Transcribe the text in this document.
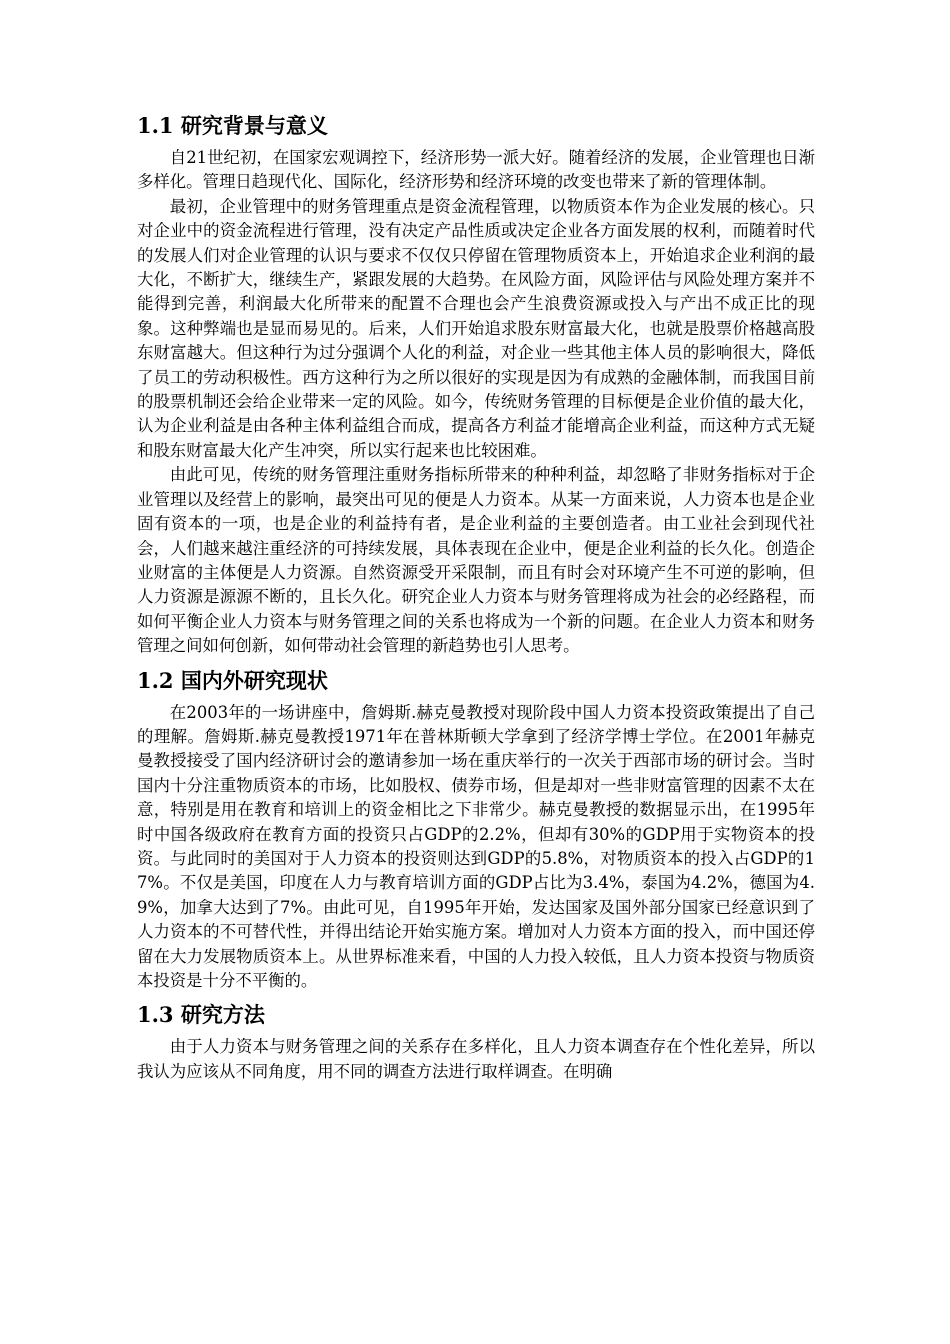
1.1 研究背景与意义

自21世纪初，在国家宏观调控下，经济形势一派大好。随着经济的发展，企业管理也日渐多样化。管理日趋现代化、国际化，经济形势和经济环境的改变也带来了新的管理体制。

最初，企业管理中的财务管理重点是资金流程管理，以物质资本作为企业发展的核心。只对企业中的资金流程进行管理，没有决定产品性质或决定企业各方面发展的权利，而随着时代的发展人们对企业管理的认识与要求不仅仅只停留在管理物质资本上，开始追求企业利润的最大化，不断扩大，继续生产，紧跟发展的大趋势。在风险方面，风险评估与风险处理方案并不能得到完善，利润最大化所带来的配置不合理也会产生浪费资源或投入与产出不成正比的现象。这种弊端也是显而易见的。后来，人们开始追求股东财富最大化，也就是股票价格越高股东财富越大。但这种行为过分强调个人化的利益，对企业一些其他主体人员的影响很大，降低了员工的劳动积极性。西方这种行为之所以很好的实现是因为有成熟的金融体制，而我国目前的股票机制还会给企业带来一定的风险。如今，传统财务管理的目标便是企业价值的最大化，认为企业利益是由各种主体利益组合而成，提高各方利益才能增高企业利益，而这种方式无疑和股东财富最大化产生冲突，所以实行起来也比较困难。

由此可见，传统的财务管理注重财务指标所带来的种种利益，却忽略了非财务指标对于企业管理以及经营上的影响，最突出可见的便是人力资本。从某一方面来说，人力资本也是企业固有资本的一项，也是企业的利益持有者，是企业利益的主要创造者。由工业社会到现代社会，人们越来越注重经济的可持续发展，具体表现在企业中，便是企业利益的长久化。创造企业财富的主体便是人力资源。自然资源受开采限制，而且有时会对环境产生不可逆的影响，但人力资源是源源不断的，且长久化。研究企业人力资本与财务管理将成为社会的必经路程，而如何平衡企业人力资本与财务管理之间的关系也将成为一个新的问题。在企业人力资本和财务管理之间如何创新，如何带动社会管理的新趋势也引人思考。

1.2 国内外研究现状

在2003年的一场讲座中，詹姆斯.赫克曼教授对现阶段中国人力资本投资政策提出了自己的理解。詹姆斯.赫克曼教授1971年在普林斯顿大学拿到了经济学博士学位。在2001年赫克曼教授接受了国内经济研讨会的邀请参加一场在重庆举行的一次关于西部市场的研讨会。当时国内十分注重物质资本的市场，比如股权、债券市场，但是却对一些非财富管理的因素不太在意，特别是用在教育和培训上的资金相比之下非常少。赫克曼教授的数据显示出，在1995年时中国各级政府在教育方面的投资只占GDP的2.2%，但却有30%的GDP用于实物资本的投资。与此同时的美国对于人力资本的投资则达到GDP的5.8%，对物质资本的投入占GDP的17%。不仅是美国，印度在人力与教育培训方面的GDP占比为3.4%，泰国为4.2%，德国为4.9%，加拿大达到了7%。由此可见，自1995年开始，发达国家及国外部分国家已经意识到了人力资本的不可替代性，并得出结论开始实施方案。增加对人力资本方面的投入，而中国还停留在大力发展物质资本上。从世界标准来看，中国的人力投入较低，且人力资本投资与物质资本投资是十分不平衡的。

1.3 研究方法

由于人力资本与财务管理之间的关系存在多样化，且人力资本调查存在个性化差异，所以我认为应该从不同角度，用不同的调查方法进行取样调查。在明确
